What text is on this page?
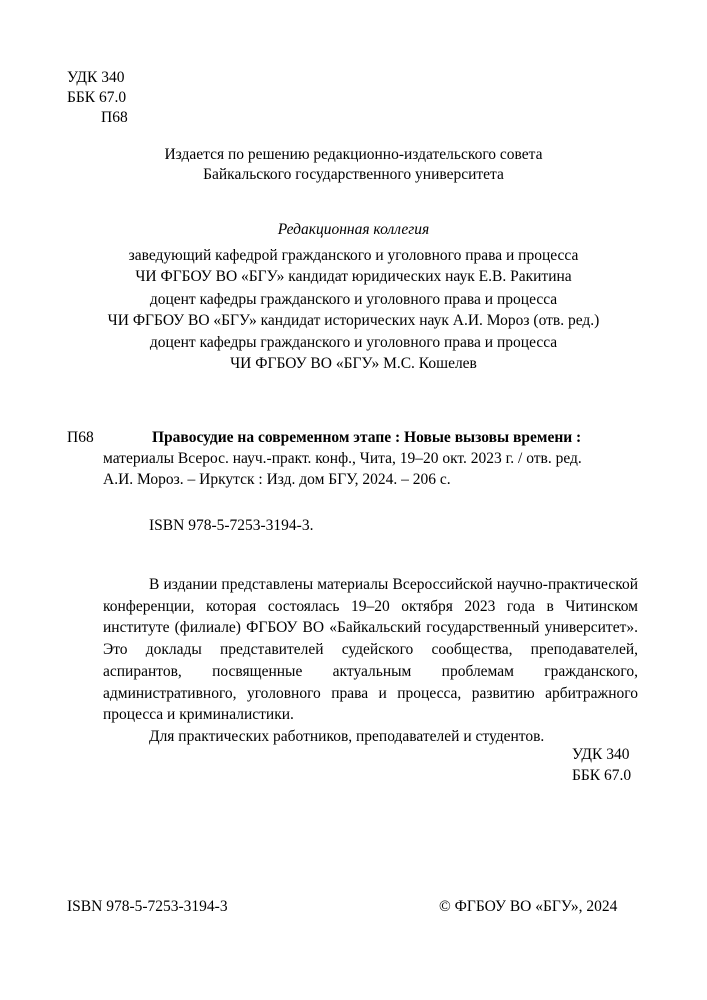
УДК 340
ББК 67.0
П68
Издается по решению редакционно-издательского совета
Байкальского государственного университета
Редакционная коллегия
заведующий кафедрой гражданского и уголовного права и процесса
ЧИ ФГБОУ ВО «БГУ» кандидат юридических наук Е.В. Ракитина
доцент кафедры гражданского и уголовного права и процесса
ЧИ ФГБОУ ВО «БГУ» кандидат исторических наук А.И. Мороз (отв. ред.)
доцент кафедры гражданского и уголовного права и процесса
ЧИ ФГБОУ ВО «БГУ» М.С. Кошелев
П68	Правосудие на современном этапе : Новые вызовы времени :
материалы Всерос. науч.-практ. конф., Чита, 19–20 окт. 2023 г. / отв. ред.
А.И. Мороз. – Иркутск : Изд. дом БГУ, 2024. – 206 с.
ISBN 978-5-7253-3194-3.

В издании представлены материалы Всероссийской научно-практической конференции, которая состоялась 19–20 октября 2023 года в Читинском институте (филиале) ФГБОУ ВО «Байкальский государственный университет». Это доклады представителей судейского сообщества, преподавателей, аспирантов, посвященные актуальным проблемам гражданского, административного, уголовного права и процесса, развитию арбитражного процесса и криминалистики.

Для практических работников, преподавателей и студентов.

УДК 340
ББК 67.0
ISBN 978-5-7253-3194-3	© ФГБОУ ВО «БГУ», 2024
